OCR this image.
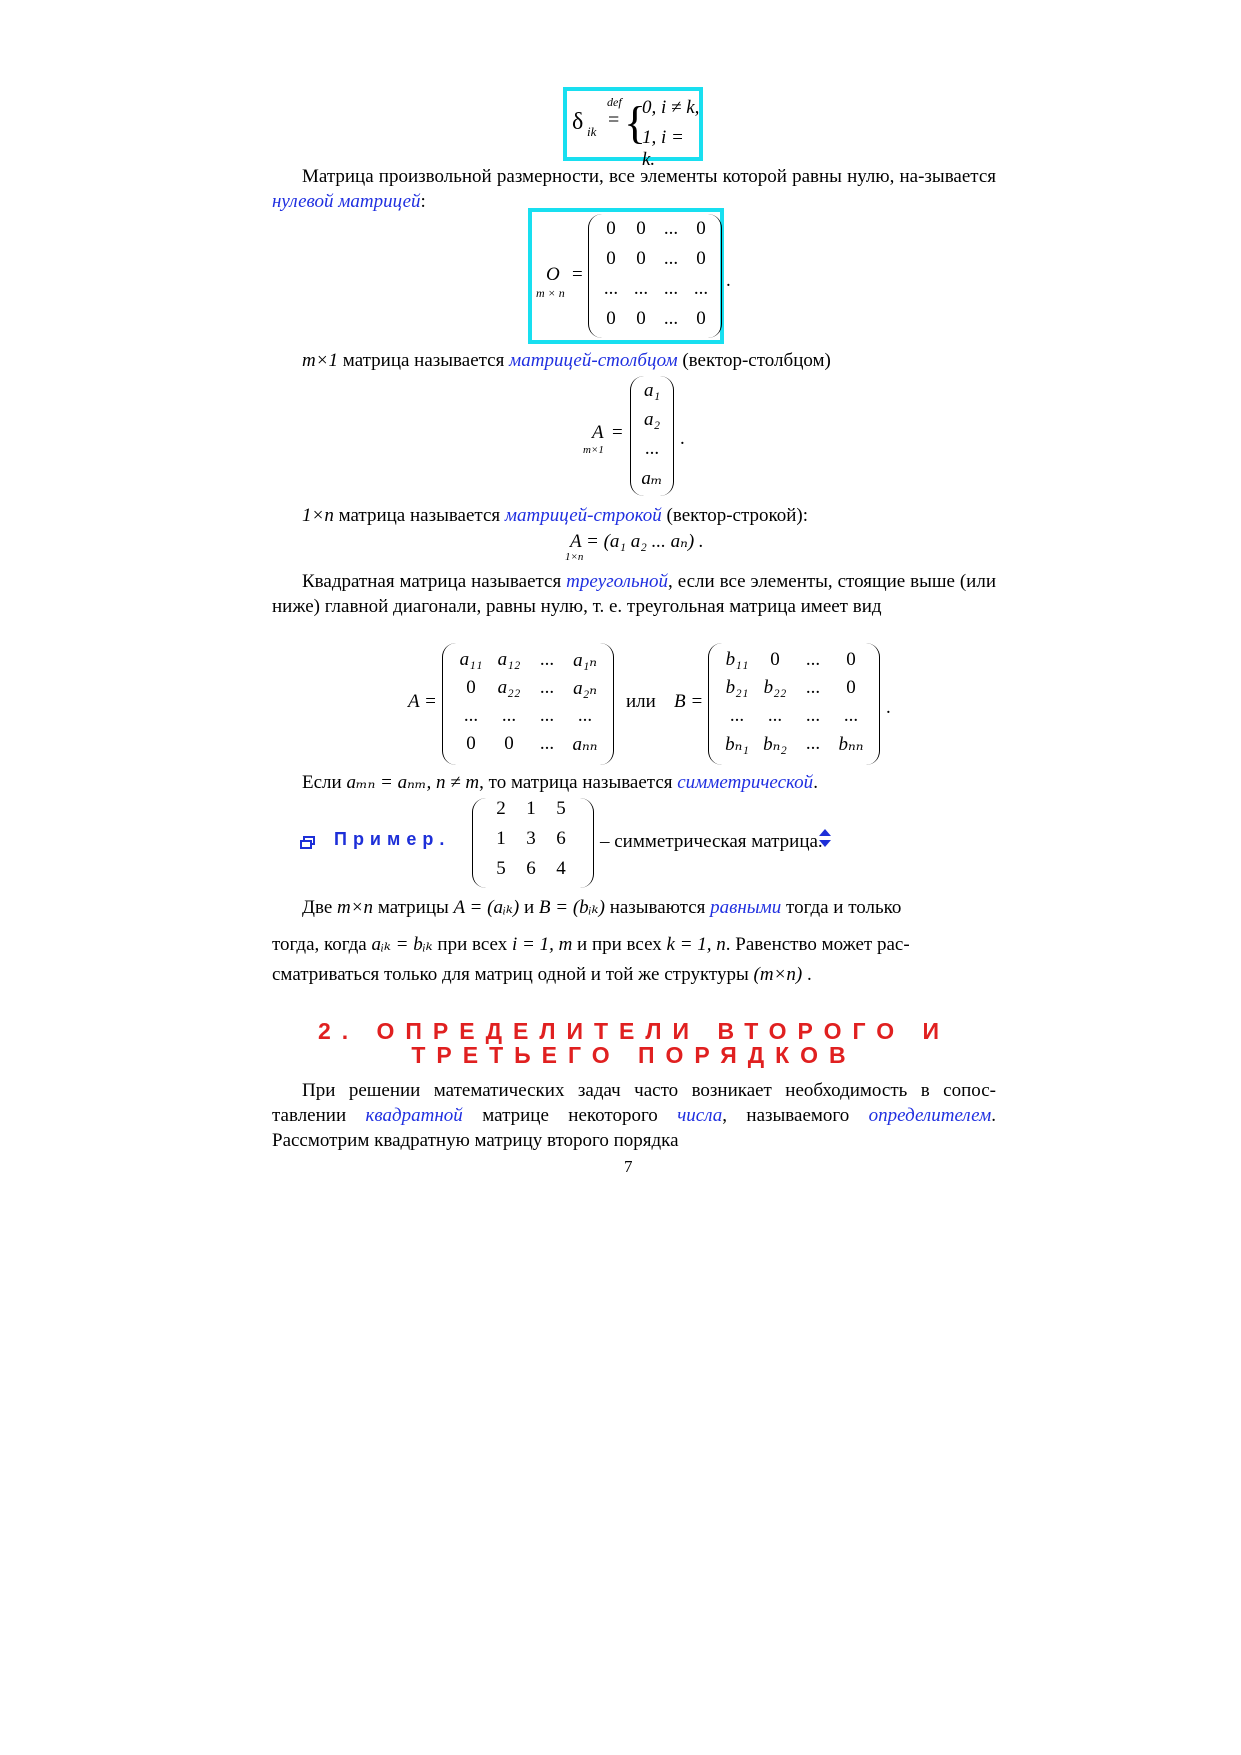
δ ik
def
= {
0, i ≠ k,
1, i = k.
Матрица произвольной размерности, все элементы которой равны нулю, на-зывается нулевой матрицей:
O
m × n
=
0	0 ... 0
0	0 ... 0
... ... ... ...
0	0 ... 0
.
m×1 матрица называется матрицей-столбцом (вектор-столбцом)
A
m×1
=
a₁
a₂
...
aₘ
.
1×n матрица называется матрицей-строкой (вектор-строкой):
A = (a₁ a₂ ... aₙ) .
1×n
Квадратная матрица называется треугольной, если все элементы, стоящие выше (или ниже) главной диагонали, равны нулю, т. е. треугольная матрица имеет вид
A =
a₁₁ a₁₂	... a₁ₙ
0	a₂₂	... a₂ₙ
...	...	...	...
0	0	... aₙₙ
или B =
b₁₁	0	...	0
b₂₁ b₂₂	...	0
...	...	...	...
bₙ₁ bₙ₂ ... bₙₙ
.
Если aₘₙ = aₙₘ, n ≠ m, то матрица называется симметрической.
Пример.
2	1	5
1	3	6
5	6	4
– симметрическая матрица.
Две m×n матрицы A = (aᵢₖ) и B = (bᵢₖ) называются равными тогда и только
тогда, когда aᵢₖ = bᵢₖ при всех i = 1, m и при всех k = 1, n. Равенство может рас-
сматриваться только для матриц одной и той же структуры (m×n) .
2. ОПРЕДЕЛИТЕЛИ ВТОРОГО И
ТРЕТЬЕГО ПОРЯДКОВ
При решении математических задач часто возникает необходимость в сопос-тавлении квадратной матрице некоторого числа, называемого определителем. Рассмотрим квадратную матрицу второго порядка
7
